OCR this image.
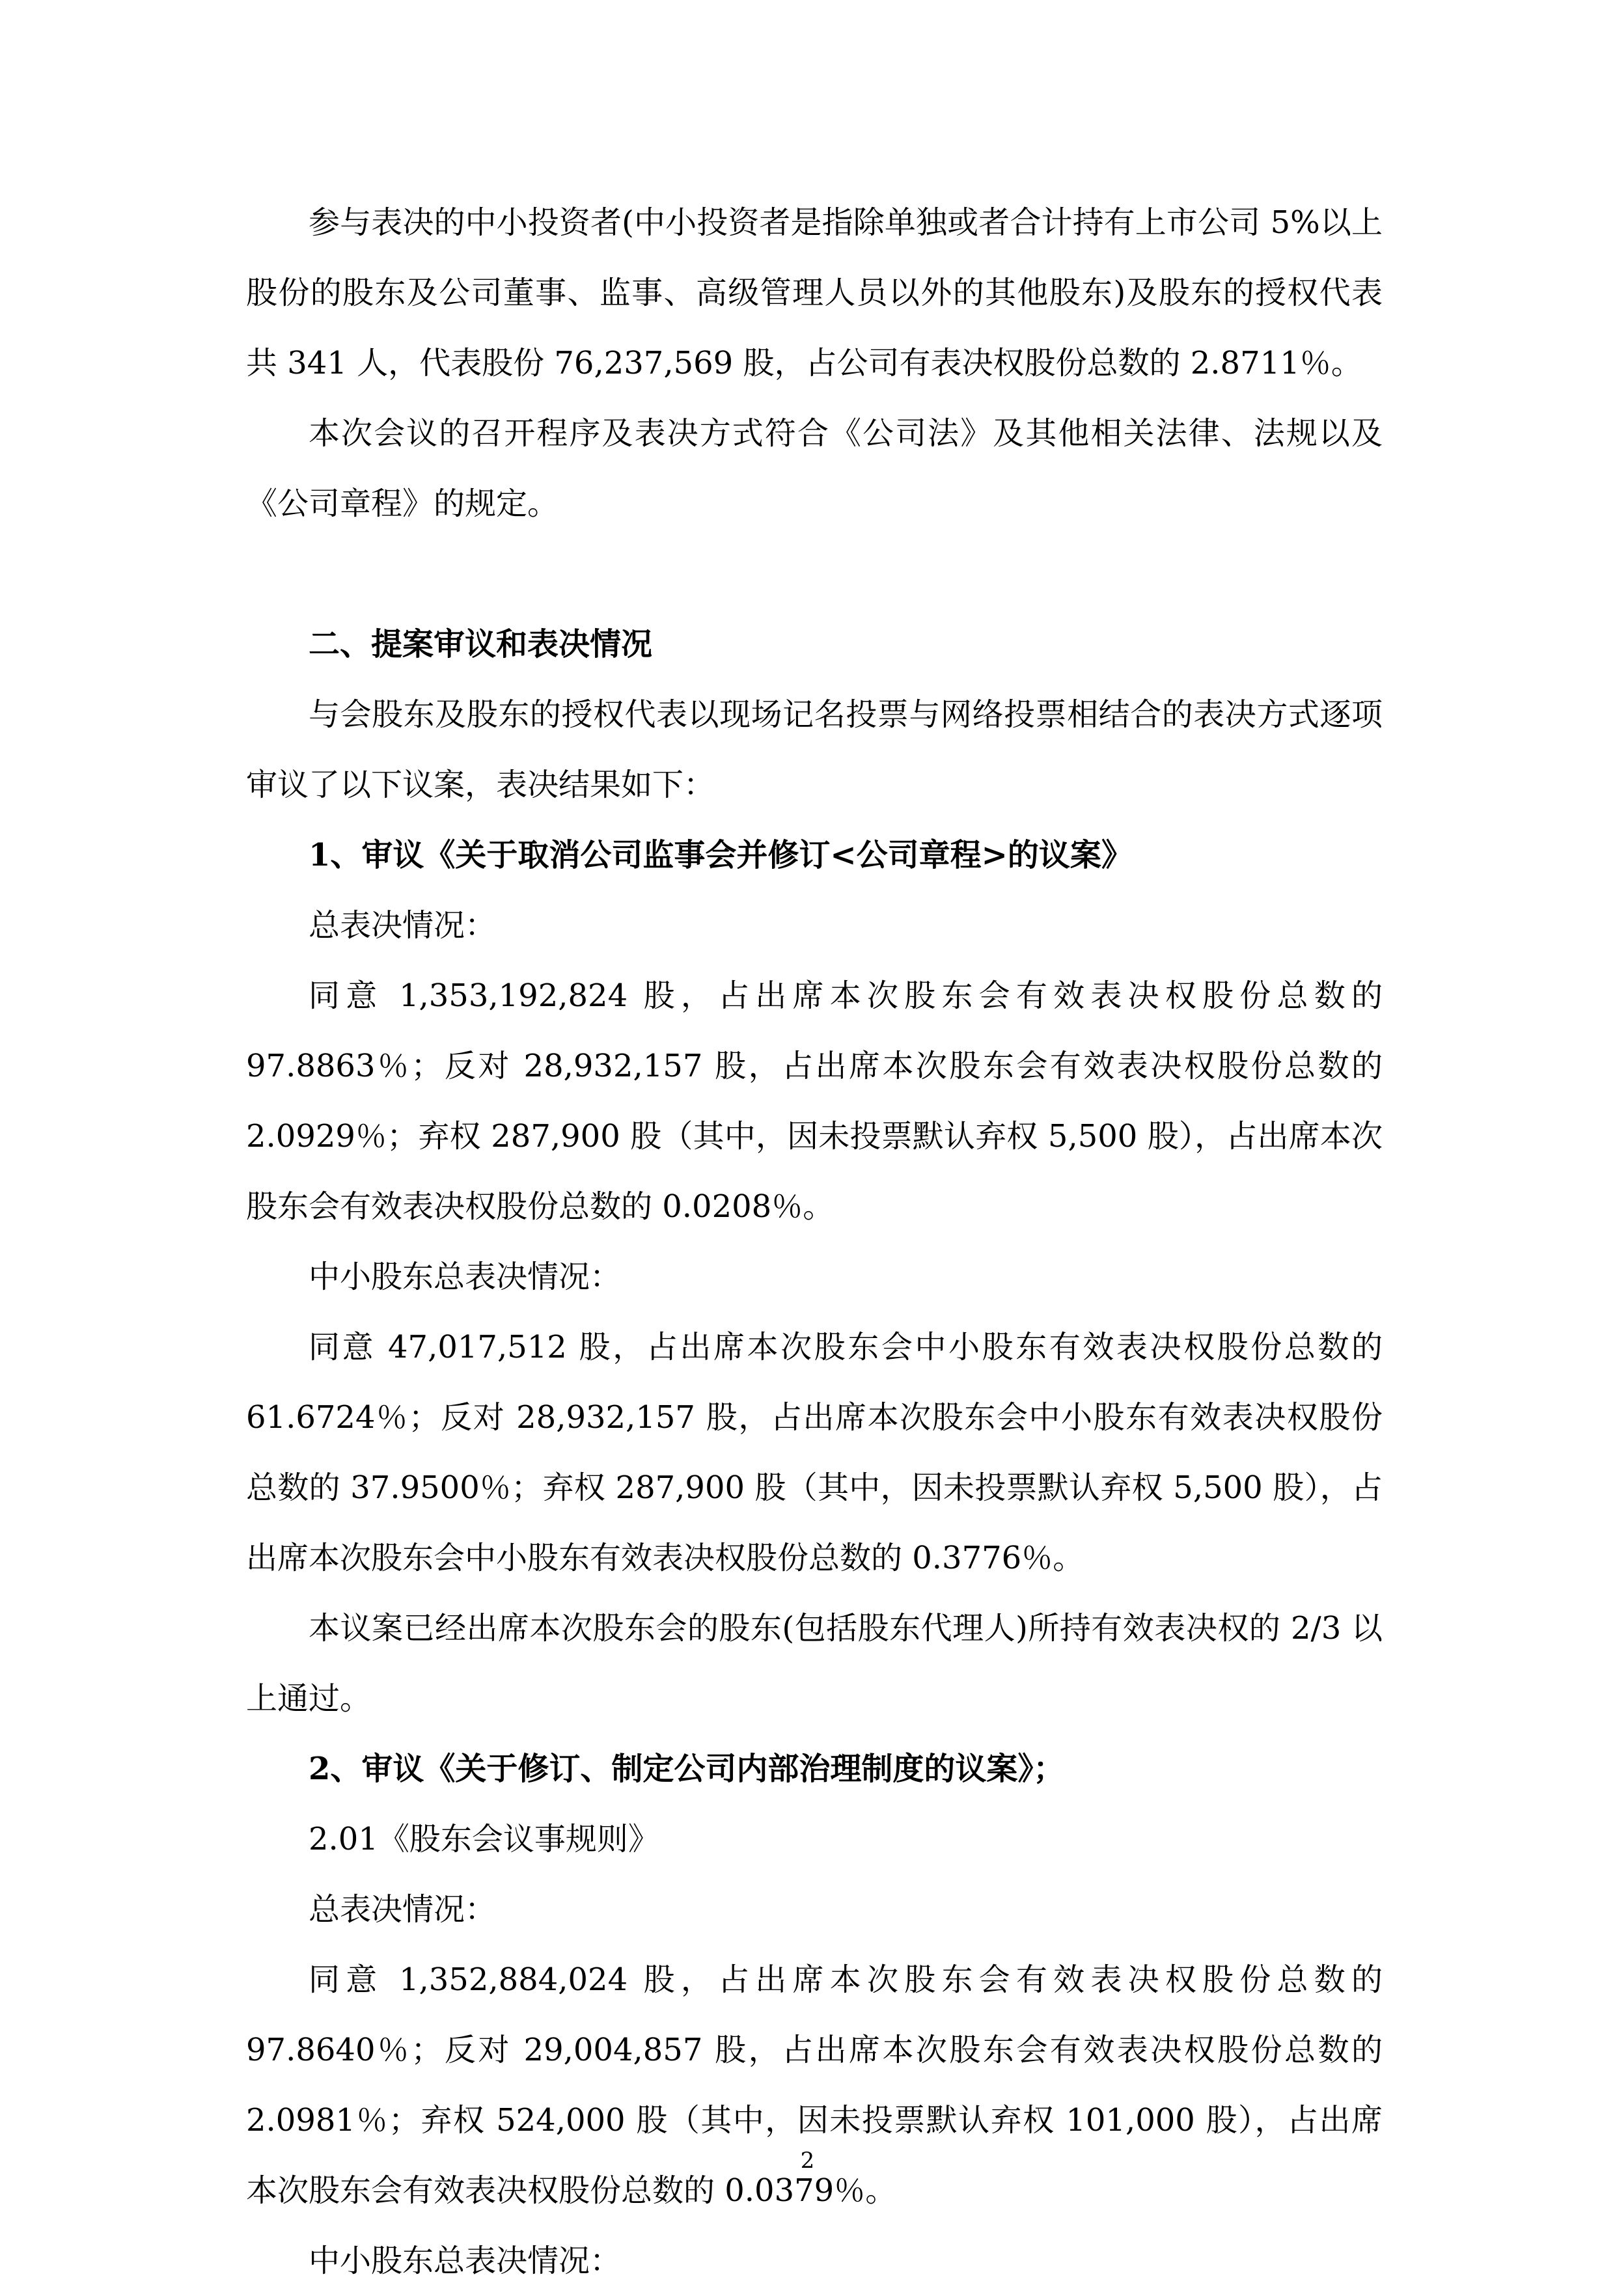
参与表决的中小投资者(中小投资者是指除单独或者合计持有上市公司 5%以上股份的股东及公司董事、监事、高级管理人员以外的其他股东)及股东的授权代表共 341 人，代表股份 76,237,569 股，占公司有表决权股份总数的 2.8711％。

本次会议的召开程序及表决方式符合《公司法》及其他相关法律、法规以及《公司章程》的规定。

二、提案审议和表决情况

与会股东及股东的授权代表以现场记名投票与网络投票相结合的表决方式逐项审议了以下议案，表决结果如下：

1、审议《关于取消公司监事会并修订<公司章程>的议案》

总表决情况：

同意 1,353,192,824 股，占出席本次股东会有效表决权股份总数的 97.8863％；反对 28,932,157 股，占出席本次股东会有效表决权股份总数的 2.0929％；弃权 287,900 股（其中，因未投票默认弃权 5,500 股），占出席本次股东会有效表决权股份总数的 0.0208％。

中小股东总表决情况：

同意 47,017,512 股，占出席本次股东会中小股东有效表决权股份总数的 61.6724％；反对 28,932,157 股，占出席本次股东会中小股东有效表决权股份总数的 37.9500％；弃权 287,900 股（其中，因未投票默认弃权 5,500 股），占出席本次股东会中小股东有效表决权股份总数的 0.3776％。

本议案已经出席本次股东会的股东(包括股东代理人)所持有效表决权的 2/3 以上通过。

2、审议《关于修订、制定公司内部治理制度的议案》；

2.01《股东会议事规则》

总表决情况：

同意 1,352,884,024 股，占出席本次股东会有效表决权股份总数的 97.8640％；反对 29,004,857 股，占出席本次股东会有效表决权股份总数的 2.0981％；弃权 524,000 股（其中，因未投票默认弃权 101,000 股），占出席本次股东会有效表决权股份总数的 0.0379％。

中小股东总表决情况：

2
